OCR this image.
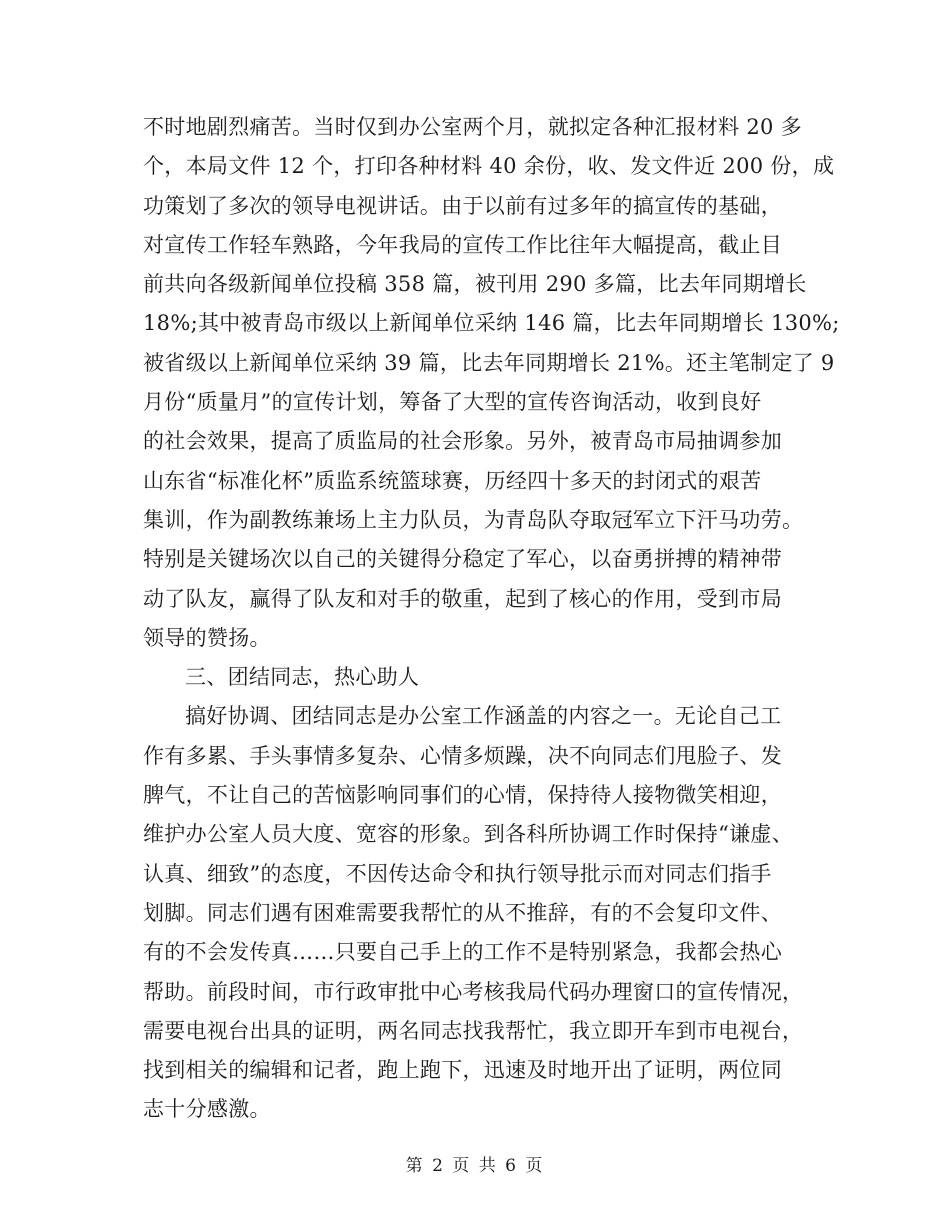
不时地剧烈痛苦。当时仅到办公室两个月，就拟定各种汇报材料 20 多
个，本局文件 12 个，打印各种材料 40 余份，收、发文件近 200 份，成
功策划了多次的领导电视讲话。由于以前有过多年的搞宣传的基础，
对宣传工作轻车熟路，今年我局的宣传工作比往年大幅提高，截止目
前共向各级新闻单位投稿 358 篇，被刊用 290 多篇，比去年同期增长
18%;其中被青岛市级以上新闻单位采纳 146 篇，比去年同期增长 130%;
被省级以上新闻单位采纳 39 篇，比去年同期增长 21%。还主笔制定了 9
月份“质量月”的宣传计划，筹备了大型的宣传咨询活动，收到良好
的社会效果，提高了质监局的社会形象。另外，被青岛市局抽调参加
山东省“标准化杯”质监系统篮球赛，历经四十多天的封闭式的艰苦
集训，作为副教练兼场上主力队员，为青岛队夺取冠军立下汗马功劳。
特别是关键场次以自己的关键得分稳定了军心，以奋勇拼搏的精神带
动了队友，赢得了队友和对手的敬重，起到了核心的作用，受到市局
领导的赞扬。
三、团结同志，热心助人
搞好协调、团结同志是办公室工作涵盖的内容之一。无论自己工
作有多累、手头事情多复杂、心情多烦躁，决不向同志们甩脸子、发
脾气，不让自己的苦恼影响同事们的心情，保持待人接物微笑相迎，
维护办公室人员大度、宽容的形象。到各科所协调工作时保持“谦虚、
认真、细致”的态度，不因传达命令和执行领导批示而对同志们指手
划脚。同志们遇有困难需要我帮忙的从不推辞，有的不会复印文件、
有的不会发传真……只要自己手上的工作不是特别紧急，我都会热心
帮助。前段时间，市行政审批中心考核我局代码办理窗口的宣传情况，
需要电视台出具的证明，两名同志找我帮忙，我立即开车到市电视台，
找到相关的编辑和记者，跑上跑下，迅速及时地开出了证明，两位同
志十分感激。
第 2 页 共 6 页
